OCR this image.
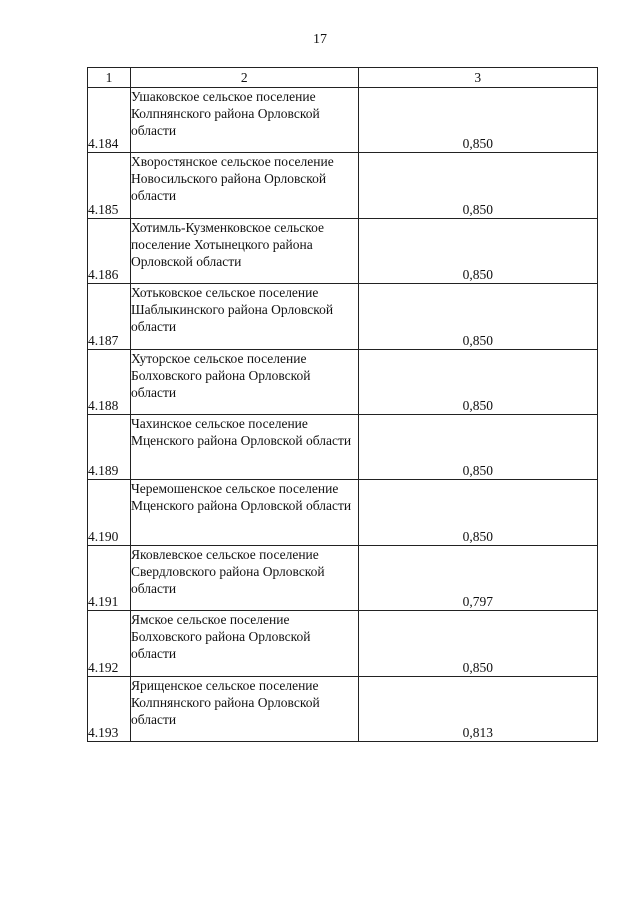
17
1	2	3
4.184	Ушаковское сельское поселение Колпнянского района Орловской области	0,850
4.185	Хворостянское сельское поселение Новосильского района Орловской области	0,850
4.186	Хотимль-Кузменковское сельское поселение Хотынецкого района Орловской области	0,850
4.187	Хотьковское сельское поселение Шаблыкинского района Орловской области	0,850
4.188	Хуторское сельское поселение Болховского района Орловской области	0,850
4.189	Чахинское сельское поселение Мценского района Орловской области	0,850
4.190	Черемошенское сельское поселение Мценского района Орловской области	0,850
4.191	Яковлевское сельское поселение Свердловского района Орловской области	0,797
4.192	Ямское сельское поселение Болховского района Орловской области	0,850
4.193	Ярищенское сельское поселение Колпнянского района Орловской области	0,813
